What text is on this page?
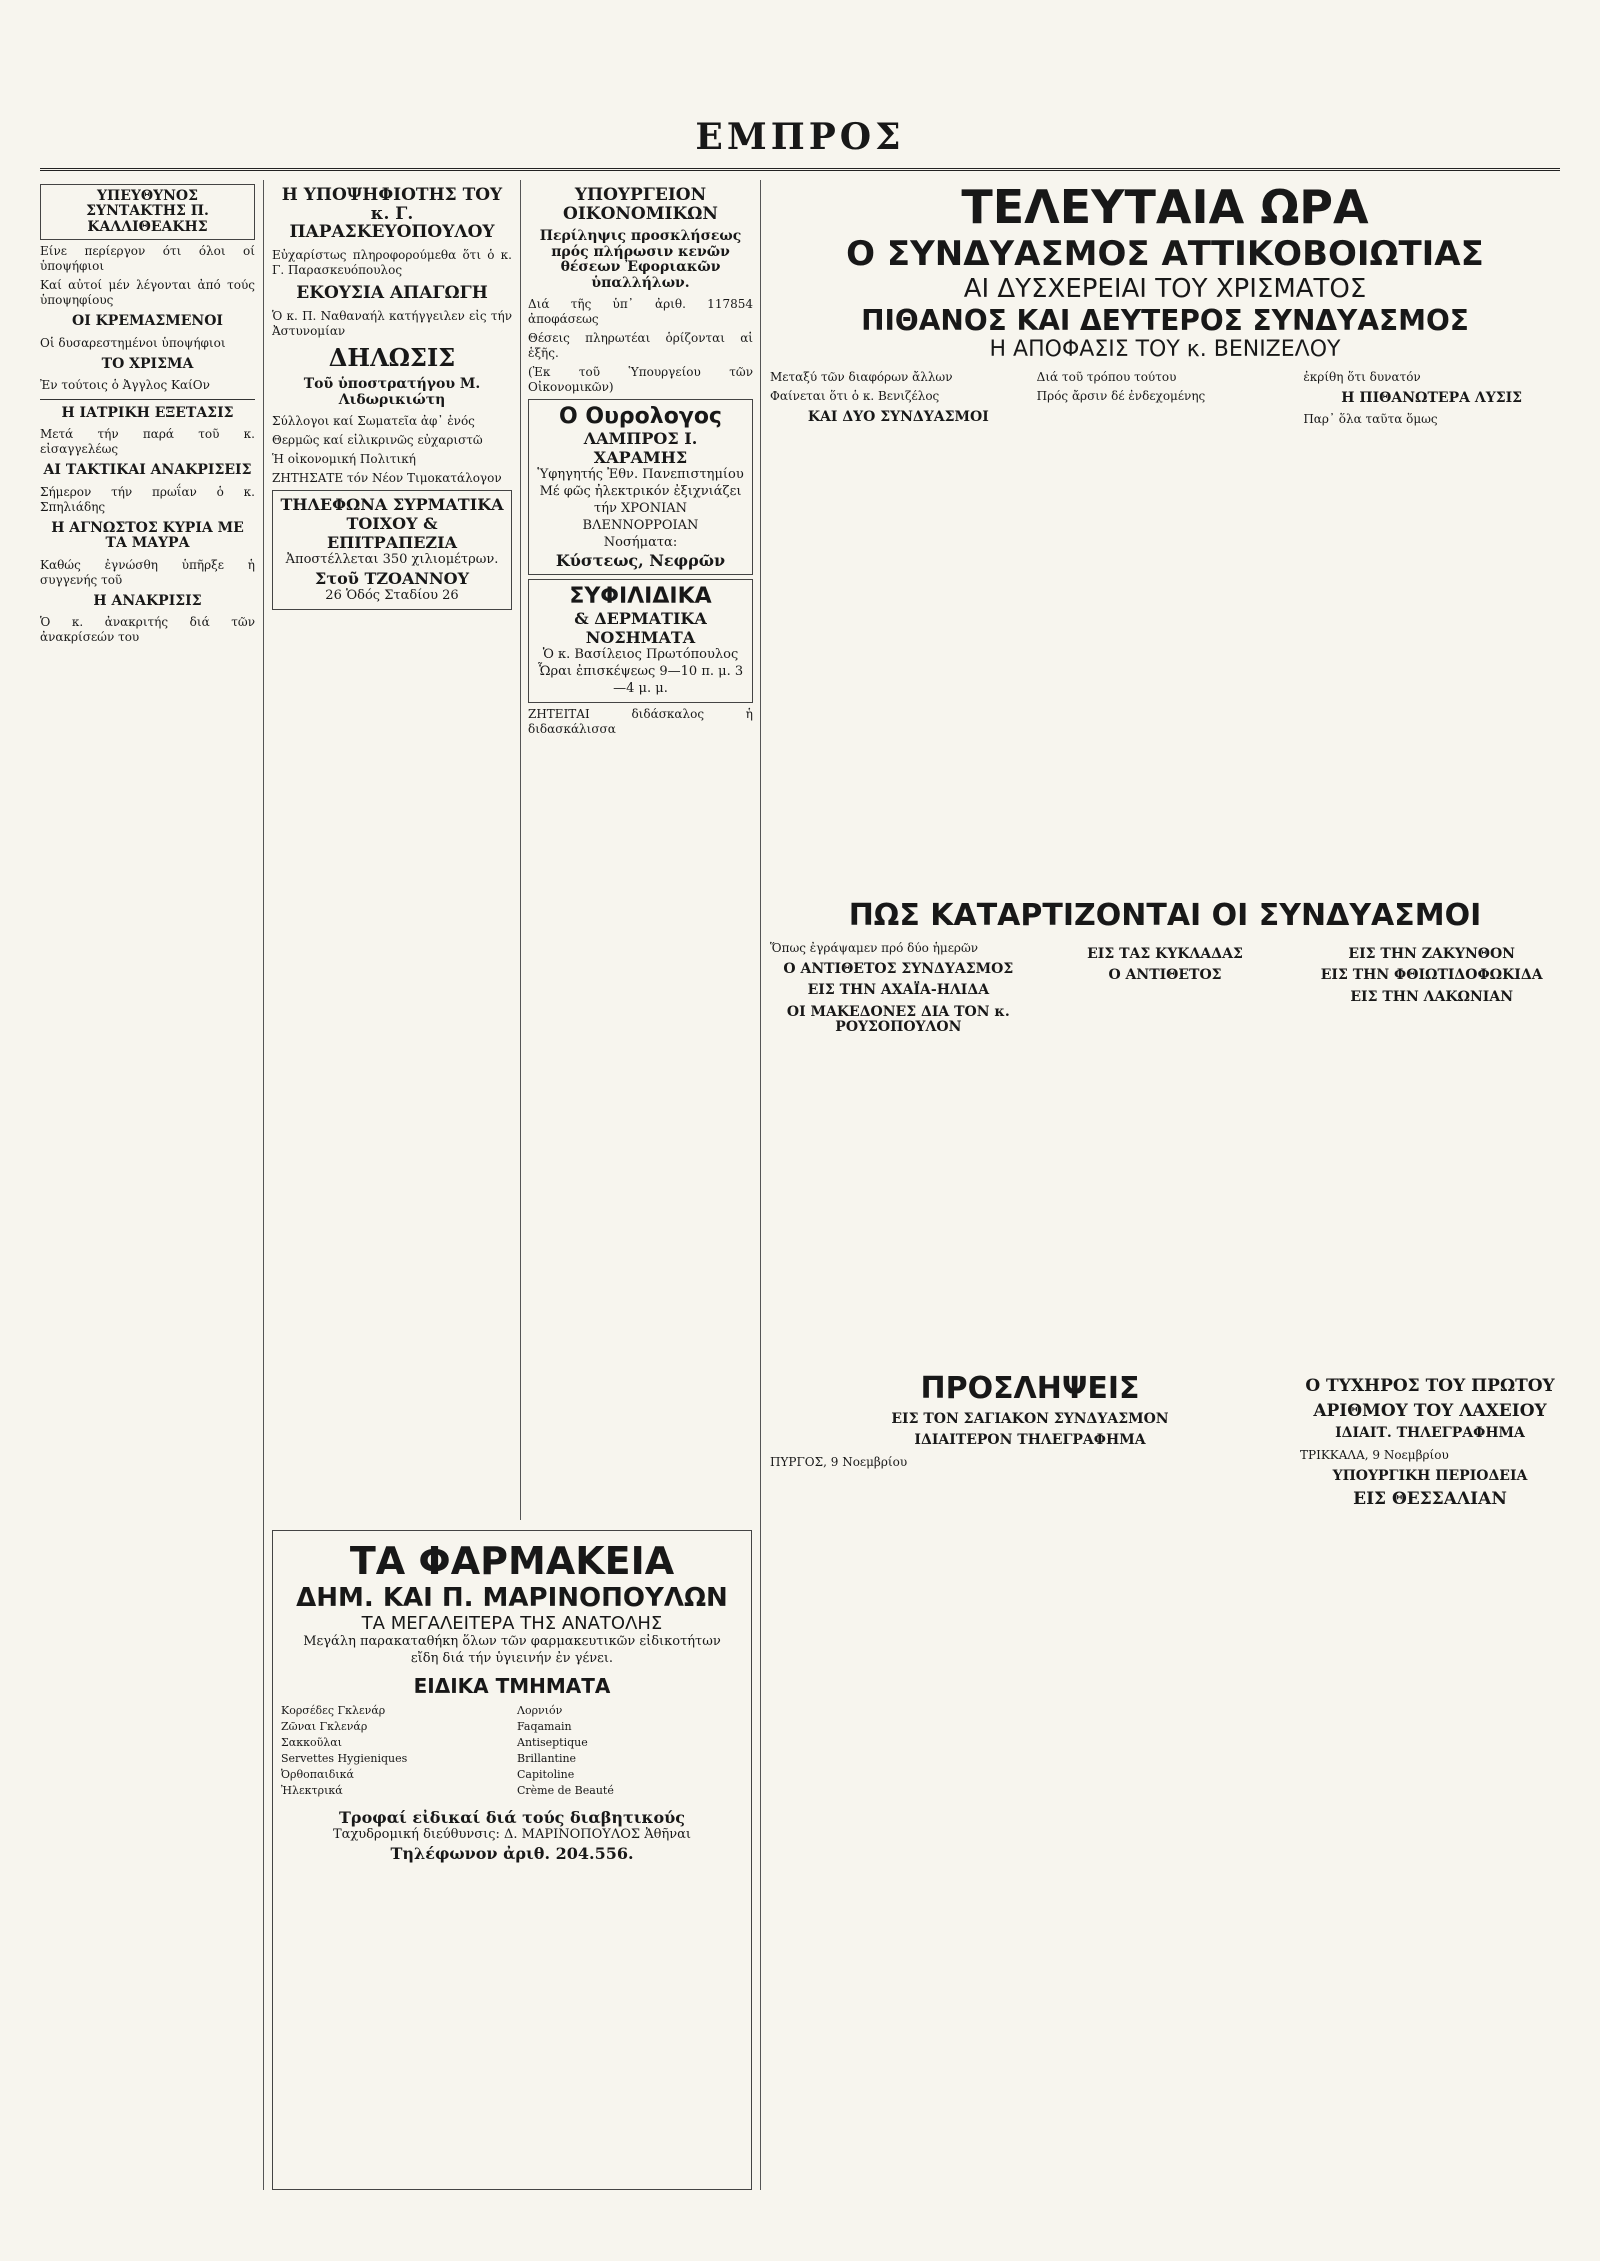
ΕΜΠΡΟΣ
ΥΠΕΥΘΥΝΟΣ ΣΥΝΤΑΚΤΗΣ Π. ΚΑΛΛΙΘΕΑΚΗΣ

Είνε περίεργον ότι όλοι οί ὑποψήφιοι

Καί αὐτοί μέν λέγονται ἀπό τούς ὑποψηφίους

ΟΙ ΚΡΕΜΑΣΜΕΝΟΙ

Οἱ δυσαρεστημένοι ὑποψήφιοι

ΤΟ ΧΡΙΣΜΑ

Ἐν τούτοις ὁ Ἀγγλος ΚαίΟν

Η ΙΑΤΡΙΚΗ ΕΞΕΤΑΣΙΣ

Μετά τήν παρά τοῦ κ. εἰσαγγελέως

ΑΙ ΤΑΚΤΙΚΑΙ ΑΝΑΚΡΙΣΕΙΣ

Σήμερον τήν πρωΐαν ὁ κ. Σπηλιάδης

Η ΑΓΝΩΣΤΟΣ ΚΥΡΙΑ ΜΕ ΤΑ ΜΑΥΡΑ

Καθώς ἐγνώσθη ὑπῆρξε ἡ συγγενής τοῦ

Η ΑΝΑΚΡΙΣΙΣ

Ὁ κ. ἀνακριτής διά τῶν ἀνακρίσεών του

Η ΥΠΟΨΗΦΙΟΤΗΣ ΤΟΥ κ. Γ. ΠΑΡΑΣΚΕΥΟΠΟΥΛΟΥ

Εὐχαρίστως πληροφορούμεθα ὅτι ὁ κ. Γ. Παρασκευόπουλος

ΕΚΟΥΣΙΑ ΑΠΑΓΩΓΗ

Ὁ κ. Π. Ναθαναήλ κατήγγειλεν εἰς τήν Ἀστυνομίαν

ΔΗΛΩΣΙΣ
Τοῦ ὑποστρατήγου Μ. Λιδωρικιώτη

Σύλλογοι καί Σωματεῖα ἀφ᾽ ἑνός

Θερμῶς καί εἰλικρινῶς εὐχαριστῶ

Ἡ οἰκονομική Πολιτική

ΖΗΤΗΣΑΤΕ τόν Νέον Τιμοκατάλογον

ΤΗΛΕΦΩΝΑ ΣΥΡΜΑΤΙΚΑ
ΤΟΙΧΟΥ & ΕΠΙΤΡΑΠΕΖΙΑ
Ἀποστέλλεται 350 χιλιομέτρων.
Στοῦ ΤΖΟΑΝΝΟΥ
26 Ὁδός Σταδίου 26
ΥΠΟΥΡΓΕΙΟΝ ΟΙΚΟΝΟΜΙΚΩΝ
Περίληψις προσκλήσεως πρός πλήρωσιν κενῶν θέσεων Ἐφοριακῶν ὑπαλλήλων.

Διά τῆς ὑπ᾽ ἀριθ. 117854 ἀποφάσεως

Θέσεις πληρωτέαι ὁρίζονται αἱ ἑξῆς.

(Ἐκ τοῦ Ὑπουργείου τῶν Οἰκονομικῶν)

Ο Ουρολογος
ΛΑΜΠΡΟΣ Ι. ΧΑΡΑΜΗΣ
Ὑφηγητής Ἐθν. Πανεπιστημίου
Μέ φῶς ἠλεκτρικόν ἐξιχνιάζει τήν ΧΡΟΝΙΑΝ ΒΛΕΝΝΟΡΡΟΙΑΝ
Νοσήματα:
Κύστεως, Νεφρῶν
ΣΥΦΙΛΙΔΙΚΑ
& ΔΕΡΜΑΤΙΚΑ ΝΟΣΗΜΑΤΑ
Ὁ κ. Βασίλειος Πρωτόπουλος
Ὧραι ἐπισκέψεως 9—10 π. μ. 3—4 μ. μ.

ΖΗΤΕΙΤΑΙ διδάσκαλος ἡ διδασκάλισσα

ΤΑ ΦΑΡΜΑΚΕΙΑ
ΔΗΜ. ΚΑΙ Π. ΜΑΡΙΝΟΠΟΥΛΩΝ
ΤΑ ΜΕΓΑΛΕΙΤΕΡΑ ΤΗΣ ΑΝΑΤΟΛΗΣ
Μεγάλη παρακαταθήκη ὅλων τῶν φαρμακευτικῶν εἰδικοτήτων
εἴδη διά τήν ὑγιεινήν ἐν γένει.
ΕΙΔΙΚΑ ΤΜΗΜΑΤΑ

Κορσέδες Γκλενάρ

Ζῶναι Γκλενάρ

Σακκοῦλαι

Servettes Hygieniques

Ὀρθοπαιδικά

Ἠλεκτρικά

Λορνιόν

Faqamain

Antiseptique

Brillantine

Capitoline

Crème de Beauté

Τροφαί εἰδικαί διά τούς διαβητικούς
Ταχυδρομική διεύθυνσις: Δ. ΜΑΡΙΝΟΠΟΥΛΟΣ Ἀθῆναι
Τηλέφωνον ἀριθ. 204.556.
ΤΕΛΕΥΤΑΙΑ ΩΡΑ
Ο ΣΥΝΔΥΑΣΜΟΣ ΑΤΤΙΚΟΒΟΙΩΤΙΑΣ
ΑΙ ΔΥΣΧΕΡΕΙΑΙ ΤΟΥ ΧΡΙΣΜΑΤΟΣ
ΠΙΘΑΝΟΣ ΚΑΙ ΔΕΥΤΕΡΟΣ ΣΥΝΔΥΑΣΜΟΣ
Η ΑΠΟΦΑΣΙΣ ΤΟΥ κ. ΒΕΝΙΖΕΛΟΥ

Μεταξύ τῶν διαφόρων ἄλλων

Φαίνεται ὅτι ὁ κ. Βενιζέλος

ΚΑΙ ΔΥΟ ΣΥΝΔΥΑΣΜΟΙ

Διά τοῦ τρόπου τούτου

Πρός ἄρσιν δέ ἐνδεχομένης

ἐκρίθη ὅτι δυνατόν

Η ΠΙΘΑΝΩΤΕΡΑ ΛΥΣΙΣ

Παρ᾽ ὅλα ταῦτα ὅμως

ΠΩΣ ΚΑΤΑΡΤΙΖΟΝΤΑΙ ΟΙ ΣΥΝΔΥΑΣΜΟΙ

Ὅπως ἐγράψαμεν πρό δύο ἡμερῶν

Ο ΑΝΤΙΘΕΤΟΣ ΣΥΝΔΥΑΣΜΟΣ
ΕΙΣ ΤΗΝ ΑΧΑΪΑ-ΗΛΙΔΑ
ΟΙ ΜΑΚΕΔΟΝΕΣ ΔΙΑ ΤΟΝ κ. ΡΟΥΣΟΠΟΥΛΟΝ
ΕΙΣ ΤΑΣ ΚΥΚΛΑΔΑΣ
Ο ΑΝΤΙΘΕΤΟΣ
ΕΙΣ ΤΗΝ ΖΑΚΥΝΘΟΝ
ΕΙΣ ΤΗΝ ΦΘΙΩΤΙΔΟΦΩΚΙΔΑ
ΕΙΣ ΤΗΝ ΛΑΚΩΝΙΑΝ
ΠΡΟΣΛΗΨΕΙΣ
ΕΙΣ ΤΟΝ ΣΑΓΙΑΚΟΝ ΣΥΝΔΥΑΣΜΟΝ
ΙΔΙΑΙΤΕΡΟΝ ΤΗΛΕΓΡΑΦΗΜΑ

ΠΥΡΓΟΣ, 9 Νοεμβρίου

Ο ΤΥΧΗΡΟΣ ΤΟΥ ΠΡΩΤΟΥ
ΑΡΙΘΜΟΥ ΤΟΥ ΛΑΧΕΙΟΥ
ΙΔΙΑΙΤ. ΤΗΛΕΓΡΑΦΗΜΑ

ΤΡΙΚΚΑΛΑ, 9 Νοεμβρίου

ΥΠΟΥΡΓΙΚΗ ΠΕΡΙΟΔΕΙΑ
ΕΙΣ ΘΕΣΣΑΛΙΑΝ
